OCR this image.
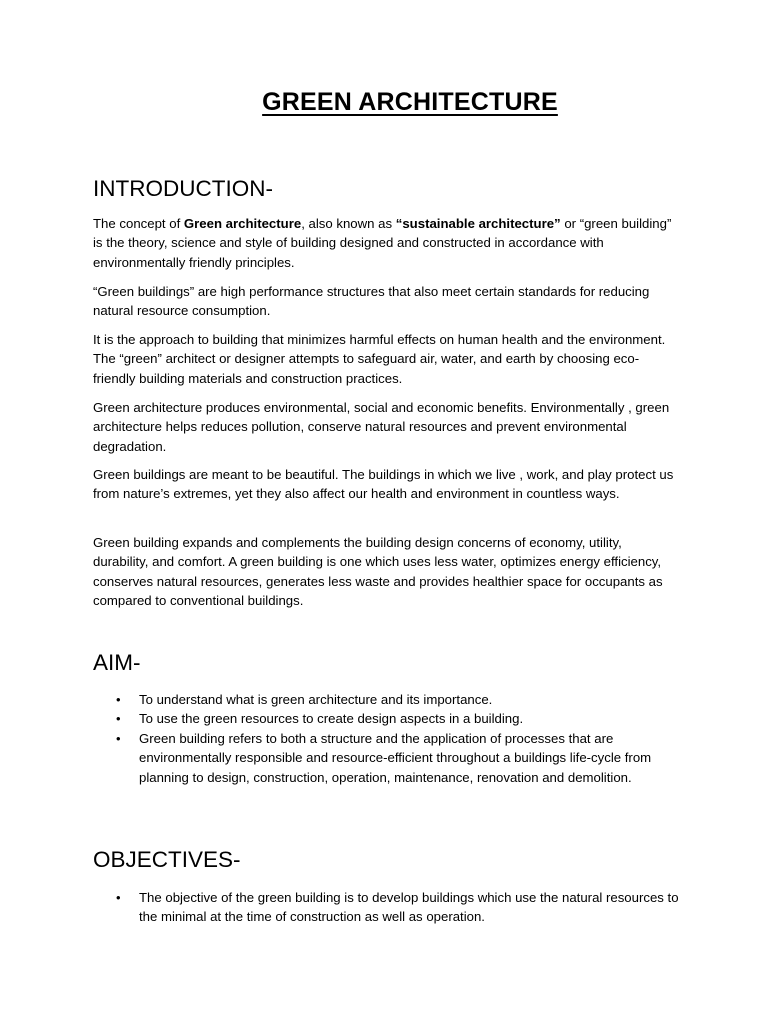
GREEN ARCHITECTURE
INTRODUCTION-

The concept of Green architecture, also known as “sustainable architecture” or “green building” is the theory, science and style of building designed and constructed in accordance with environmentally friendly principles.

“Green buildings” are high performance structures that also meet certain standards for reducing natural resource consumption.

It is the approach to building that minimizes harmful effects on human health and the environment. The “green” architect or designer attempts to safeguard air, water, and earth by choosing eco-friendly building materials and construction practices.

Green architecture produces environmental, social and economic benefits. Environmentally , green architecture helps reduces pollution, conserve natural resources and prevent environmental degradation.

Green buildings are meant to be beautiful. The buildings in which we live , work, and play protect us from nature’s extremes, yet they also affect our health and environment in countless ways.

Green building expands and complements the building design concerns of economy, utility, durability, and comfort. A green building is one which uses less water, optimizes energy efficiency, conserves natural resources, generates less waste and provides healthier space for occupants as compared to conventional buildings.

AIM-
• To understand what is green architecture and its importance.
• To use the green resources to create design aspects in a building.
• Green building refers to both a structure and the application of processes that are environmentally responsible and resource-efficient throughout a buildings life-cycle from planning to design, construction, operation, maintenance, renovation and demolition.
OBJECTIVES-
• The objective of the green building is to develop buildings which use the natural resources to the minimal at the time of construction as well as operation.
